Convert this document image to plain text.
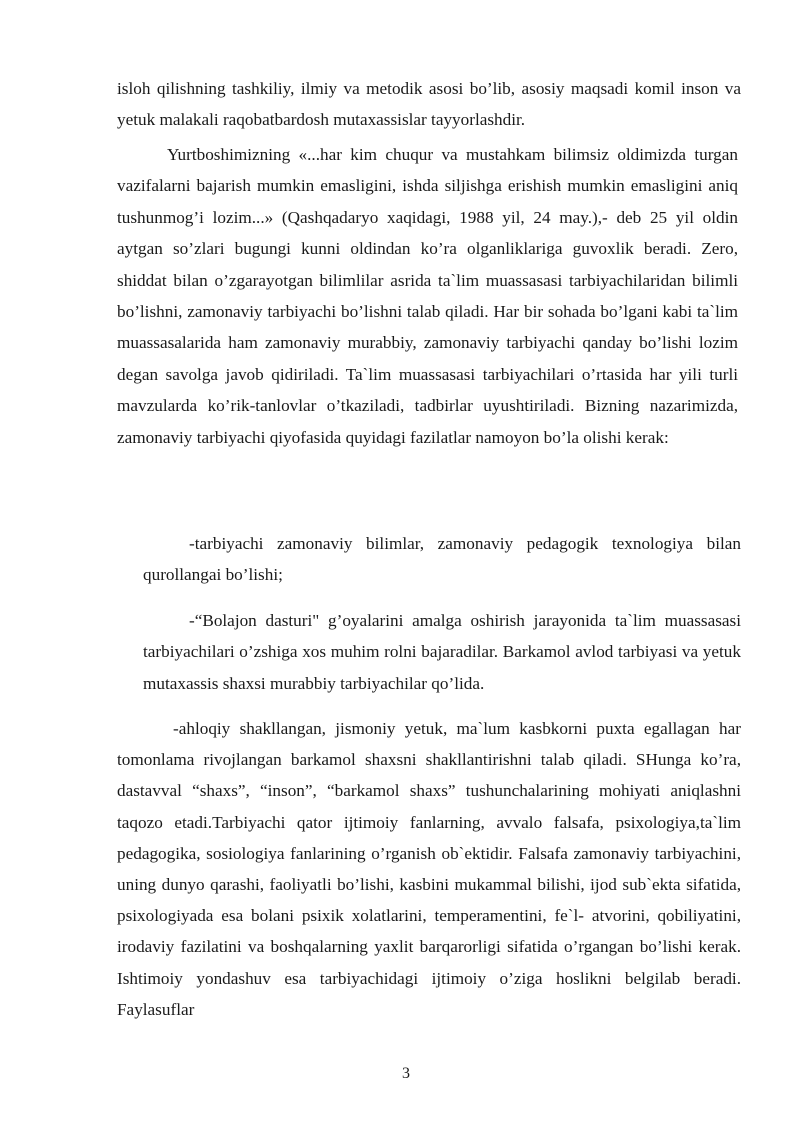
isloh qilishning tashkiliy, ilmiy va metodik asosi bo’lib, asosiy maqsadi komil inson va yetuk malakali raqobatbardosh mutaxassislar tayyorlashdir.

Yurtboshimizning «...har kim chuqur va mustahkam bilimsiz oldimizda turgan vazifalarni bajarish mumkin emasligini, ishda siljishga erishish mumkin emasligini aniq tushunmog’i lozim...» (Qashqadaryo xaqidagi, 1988 yil, 24 may.),- deb 25 yil oldin aytgan so’zlari bugungi kunni oldindan ko’ra olganliklariga guvoxlik beradi. Zero, shiddat bilan o’zgarayotgan bilimlilar asrida ta`lim muassasasi tarbiyachilaridan bilimli bo’lishni, zamonaviy tarbiyachi bo’lishni talab qiladi. Har bir sohada bo’lgani kabi ta`lim muassasalarida ham zamonaviy murabbiy, zamonaviy tarbiyachi qanday bo’lishi lozim degan savolga javob qidiriladi. Ta`lim muassasasi tarbiyachilari o’rtasida har yili turli mavzularda ko’rik-tanlovlar o’tkaziladi, tadbirlar uyushtiriladi. Bizning nazarimizda, zamonaviy tarbiyachi qiyofasida quyidagi fazilatlar namoyon bo’la olishi kerak:

-tarbiyachi zamonaviy bilimlar, zamonaviy pedagogik texnologiya bilan qurollangai bo’lishi;

-“Bolajon dasturi" g’oyalarini amalga oshirish jarayonida ta`lim muassasasi tarbiyachilari o’zshiga xos muhim rolni bajaradilar. Barkamol avlod tarbiyasi va yetuk mutaxassis shaxsi murabbiy tarbiyachilar qo’lida.

-ahloqiy shakllangan, jismoniy yetuk, ma`lum kasbkorni puxta egallagan har tomonlama rivojlangan barkamol shaxsni shakllantirishni talab qiladi. SHunga ko’ra, dastavval “shaxs”, “inson”, “barkamol shaxs” tushunchalarining mohiyati aniqlashni taqozo etadi.Tarbiyachi qator ijtimoiy fanlarning, avvalo falsafa, psixologiya,ta`lim pedagogika, sosiologiya fanlarining o’rganish ob`ektidir. Falsafa zamonaviy tarbiyachini, uning dunyo qarashi, faoliyatli bo’lishi, kasbini mukammal bilishi, ijod sub`ekta sifatida, psixologiyada esa bolani psixik xolatlarini, temperamentini, fe`l- atvorini, qobiliyatini, irodaviy fazilatini va boshqalarning yaxlit barqarorligi sifatida o’rgangan bo’lishi kerak. Ishtimoiy yondashuv esa tarbiyachidagi ijtimoiy o’ziga hoslikni belgilab beradi. Faylasuflar

3
